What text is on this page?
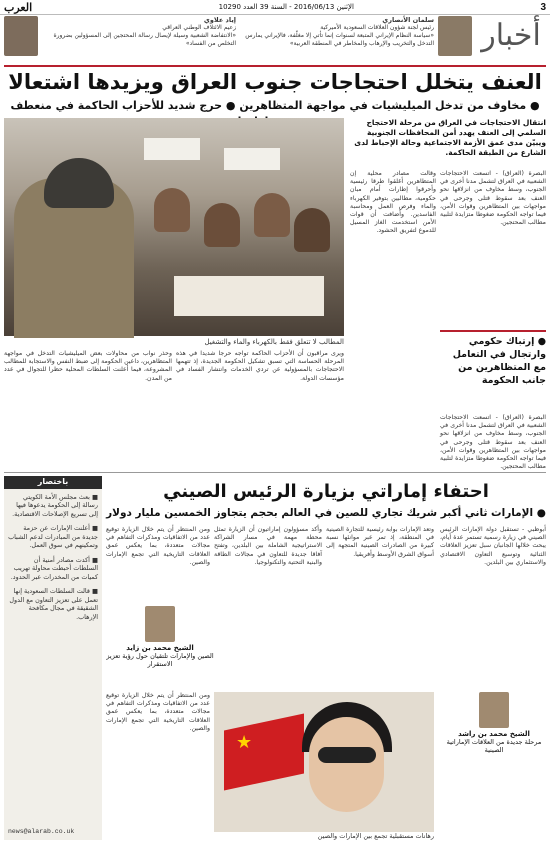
3
الإثنين 2016/06/13 - السنة 39 العدد 10290
العرب
أخبار
سلمان الأنصاري
رئيس لجنة شؤون العلاقات السعودية الأميركية
«سياسة النظام الإيراني المتبعة لسنوات إنما تأتي إلا مغلّفة، فالإيراني يمارس التدخل والتخريب والإرهاب والمخاطر في المنطقة العربية»
إياد علاوي
زعيم الائتلاف الوطني العراقي
«الانتفاضة الشعبية وسيلة لإيصال رسالة المحتجين إلى المسؤولين بضرورة التخلص من الفساد»
العنف يتخلل احتجاجات جنوب العراق ويزيدها اشتعالا
● مخاوف من تدخل الميليشيات في مواجهة المتظاهرين ● حرج شديد للأحزاب الحاكمة في منعطف
المطالب لا تتعلق فقط بالكهرباء والماء والتشغيل
انتقال الاحتجاجات في العراق من مرحلة الاحتجاج السلمي إلى العنف يهدد أمن المحافظات الجنوبية ويبيّن مدى عمق الأزمة الاجتماعية وحالة الإحباط لدى الشارع من الطبقة الحاكمة.
البصرة (العراق) - اتسعت الاحتجاجات الشعبية في العراق لتشمل مدنا أخرى في الجنوب، وسط مخاوف من انزلاقها نحو العنف بعد سقوط قتلى وجرحى في مواجهات بين المتظاهرين وقوات الأمن، فيما تواجه الحكومة ضغوطا متزايدة لتلبية مطالب المحتجين.
وقالت مصادر محلية إن المتظاهرين أغلقوا طرقا رئيسية وأحرقوا إطارات أمام مبان حكومية، مطالبين بتوفير الكهرباء والماء وفرص العمل ومحاسبة الفاسدين. وأضافت أن قوات الأمن استخدمت الغاز المسيل للدموع لتفريق الحشود.
● إرتباك حكومي وارتجال في التعامل مع المتظاهرين من جانب الحكومة
البصرة (العراق) - اتسعت الاحتجاجات الشعبية في العراق لتشمل مدنا أخرى في الجنوب، وسط مخاوف من انزلاقها نحو العنف بعد سقوط قتلى وجرحى في مواجهات بين المتظاهرين وقوات الأمن، فيما تواجه الحكومة ضغوطا متزايدة لتلبية مطالب المحتجين.
ويرى مراقبون أن الأحزاب الحاكمة تواجه حرجا شديدا في هذه المرحلة الحساسة التي تسبق تشكيل الحكومة الجديدة، إذ تتهمها الاحتجاجات بالمسؤولية عن تردي الخدمات وانتشار الفساد في مؤسسات الدولة.
وحذر نواب من محاولات بعض الميليشيات التدخل في مواجهة المتظاهرين، داعين الحكومة إلى ضبط النفس والاستجابة للمطالب المشروعة، فيما أعلنت السلطات المحلية حظرا للتجوال في عدد من المدن.
باختصار

■ بعث مجلس الأمة الكويتي رسالة إلى الحكومة يدعوها فيها إلى تسريع الإصلاحات الاقتصادية.

■ أعلنت الإمارات عن حزمة جديدة من المبادرات لدعم الشباب وتمكينهم في سوق العمل.

■ أكدت مصادر أمنية أن السلطات أحبطت محاولة تهريب كميات من المخدرات عبر الحدود.

■ قالت السلطات السعودية إنها تعمل على تعزيز التعاون مع الدول الشقيقة في مجال مكافحة الإرهاب.

news@alarab.co.uk
احتفاء إماراتي بزيارة الرئيس الصيني
● الإمارات ثاني أكبر شريك تجاري للصين في العالم بحجم يتجاوز الخمسين مليار دولار
أبوظبي - تستقبل دولة الإمارات الرئيس الصيني في زيارة رسمية تستمر عدة أيام، يبحث خلالها الجانبان سبل تعزيز العلاقات الثنائية وتوسيع التعاون الاقتصادي والاستثماري بين البلدين.
وتعد الإمارات بوابة رئيسية للتجارة الصينية في المنطقة، إذ تمر عبر موانئها نسبة كبيرة من الصادرات الصينية المتجهة إلى أسواق الشرق الأوسط وأفريقيا.
وأكد مسؤولون إماراتيون أن الزيارة تمثل محطة مهمة في مسار الشراكة الاستراتيجية الشاملة بين البلدين، وتفتح آفاقا جديدة للتعاون في مجالات الطاقة والبنية التحتية والتكنولوجيا.
ومن المنتظر أن يتم خلال الزيارة توقيع عدد من الاتفاقيات ومذكرات التفاهم في مجالات متعددة، بما يعكس عمق العلاقات التاريخية التي تجمع الإمارات والصين.
الشيخ محمد بن زايد
الصين والإمارات تلتقيان حول رؤية تعزيز الاستقرار
ومن المنتظر أن يتم خلال الزيارة توقيع عدد من الاتفاقيات ومذكرات التفاهم في مجالات متعددة، بما يعكس عمق العلاقات التاريخية التي تجمع الإمارات والصين.
★
رهانات مستقبلية تجمع بين الإمارات والصين
الشيخ محمد بن راشد
مرحلة جديدة من العلاقات الإماراتية الصينية
